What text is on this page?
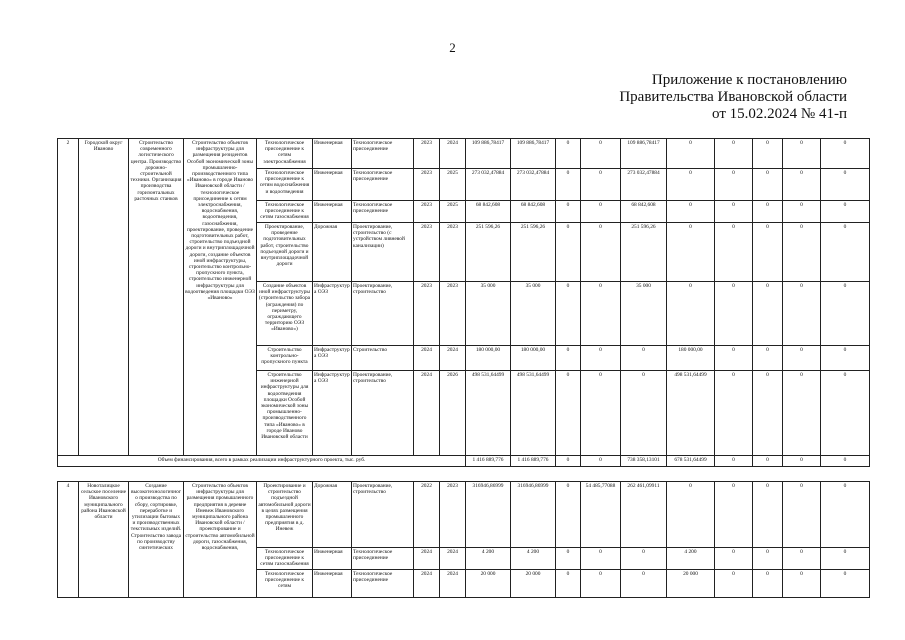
2
Приложение к постановлению
Правительства Ивановской области
от 15.02.2024 № 41-п
2	Городской округ Иваново	Строительство современного логистического центра. Производство дорожно-строительной техники. Организация производства горизонтальных расточных станков	Строительство объектов инфраструктуры для размещения резидентов Особой экономической зоны промышленно-производственного типа «Иваново» в городе Иваново Ивановской области / технологическое присоединение к сетям электроснабжения, водоснабжения, водоотведения, газоснабжения, проектирование, проведение подготовительных работ, строительство подъездной дороги и внутриплощадочной дороги, создание объектов иной инфраструктуры, строительство контрольно-пропускного пункта, строительство инженерной инфраструктуры для водоотведения площадки ОЭЗ «Иваново»	Технологическое присоединение к сетям электроснабжения	Инженерная	Технологическое присоединение	2023	2024	109 886,78417	109 886,78417	0	0	109 886,78417	0	0	0	0	0
				Технологическое присоединение к сетям водоснабжения и водоотведения	Инженерная	Технологическое присоединение	2023	2025	273 032,47884	273 032,47884	0	0	273 032,47884	0	0	0	0	0
				Технологическое присоединение к сетям газоснабжения	Инженерная	Технологическое присоединение	2023	2025	68 842,608	68 842,608	0	0	68 842,608	0	0	0	0	0
				Проектирование, проведение подготовительных работ, строительство подъездной дороги и внутриплощадочной дороги	Дорожная	Проектирование, строительство (с устройством ливневой канализации)	2023	2023	251 596,26	251 596,26	0	0	251 596,26	0	0	0	0	0
				Создание объектов иной инфраструктуры (строительство забора (ограждения) по периметру, ограждающего территорию ОЭЗ «Иваново»)	Инфраструктура ОЭЗ	Проектирование, строительство	2023	2023	35 000	35 000	0	0	35 000	0	0	0	0	0
				Строительство контрольно-пропускного пункта	Инфраструктура ОЭЗ	Строительство	2024	2024	180 000,00	180 000,00	0	0	0	180 000,00	0	0	0	0
				Строительство инженерной инфраструктуры для водоотведения площадки Особой экономической зоны промышленно-производственного типа «Иваново» в городе Иваново Ивановской области	Инфраструктура ОЭЗ	Проектирование, строительство	2024	2026	498 531,64499	498 531,64499	0	0	0	498 531,64499	0	0	0	0
Объем финансирования, всего в рамках реализации инфраструктурного проекта, тыс. руб.									1 416 889,776	1 416 889,776	0	0	738 358,13101	678 531,64499	0	0	0	0
4	Новоталицкое сельское поселение Ивановского муниципального района Ивановской области	Создание высокотехнологичного производства по сбору, сортировке, переработке и утилизации бытовых и производственных текстильных изделий. Строительство завода по производству синтетических	Строительство объектов инфраструктуры для размещения промышленного предприятия в деревне Иневеж Ивановского муниципального района Ивановской области / проектирование и строительство автомобильной дороги, газоснабжения, водоснабжения,	Проектирование и строительство подъездной автомобильной дороги в целях размещения промышленного предприятия в д. Иневеж	Дорожная	Проектирование, строительство	2022	2023	316946,86999	316946,86999	0	54 485,77088	262 461,09911	0	0	0	0	0
				Технологическое присоединение к сетям газоснабжения	Инженерная	Технологическое присоединение	2024	2024	4 200	4 200	0	0	0	4 200	0	0	0	0
				Технологическое присоединение к сетям	Инженерная	Технологическое присоединение	2024	2024	20 000	20 000	0	0	0	20 000	0	0	0	0
